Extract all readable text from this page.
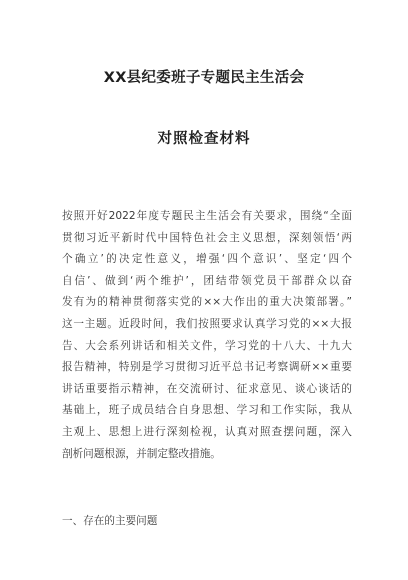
XX县纪委班子专题民主生活会
对照检查材料
按照开好2022年度专题民主生活会有关要求，围绕“全面
贯彻习近平新时代中国特色社会主义思想，深刻领悟‘两
个确立’的决定性意义，增强‘四个意识’、坚定‘四个
自信’、做到‘两个维护’，团结带领党员干部群众以奋
发有为的精神贯彻落实党的××大作出的重大决策部署。”
这一主题。近段时间，我们按照要求认真学习党的××大报
告、大会系列讲话和相关文件，学习党的十八大、十九大
报告精神，特别是学习贯彻习近平总书记考察调研××重要
讲话重要指示精神，在交流研讨、征求意见、谈心谈话的
基础上，班子成员结合自身思想、学习和工作实际，我从
主观上、思想上进行深刻检视，认真对照查摆问题，深入
剖析问题根源，并制定整改措施。
一、存在的主要问题
